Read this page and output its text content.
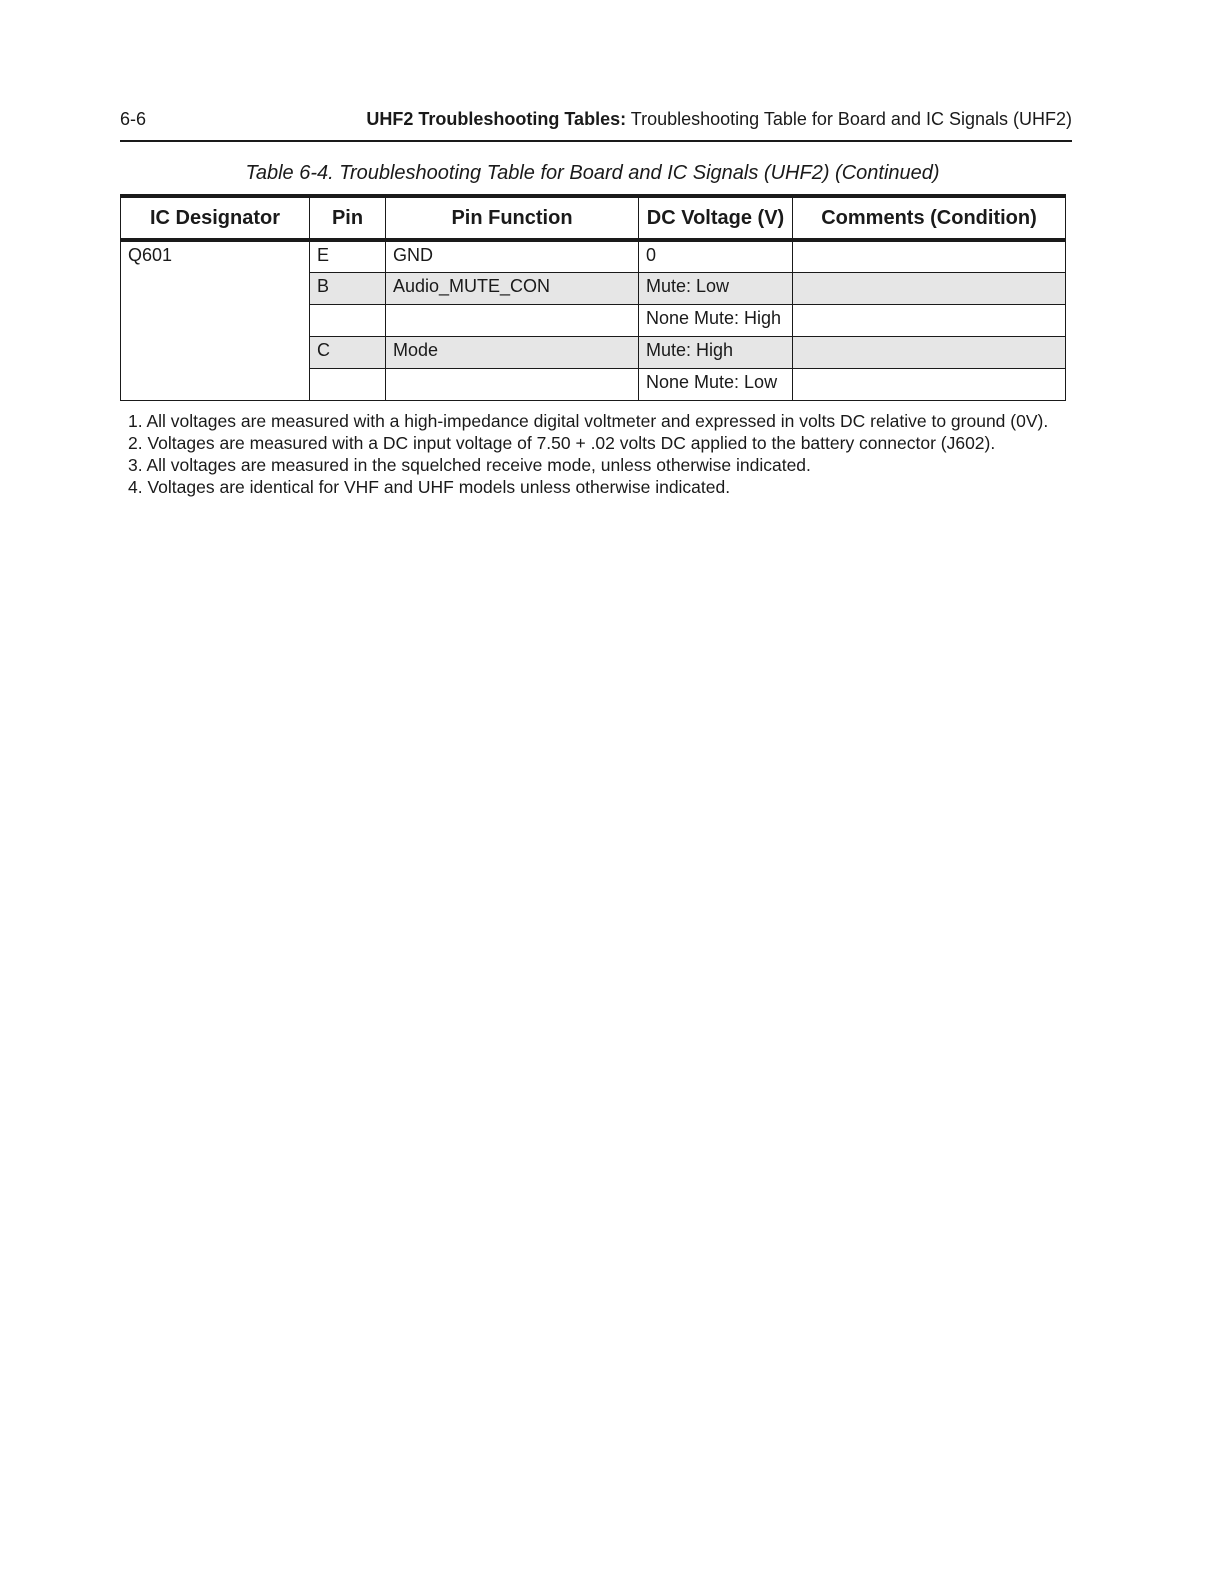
6-6	UHF2 Troubleshooting Tables: Troubleshooting Table for Board and IC Signals (UHF2)
Table 6-4. Troubleshooting Table for Board and IC Signals (UHF2) (Continued)
IC Designator	Pin	Pin Function	DC Voltage (V)	Comments (Condition)
Q601	E	GND	0	
	B	Audio_MUTE_CON	Mute: Low	
			None Mute: High	
	C	Mode	Mute: High	
			None Mute: Low	
1. All voltages are measured with a high-impedance digital voltmeter and expressed in volts DC relative to ground (0V).
2. Voltages are measured with a DC input voltage of 7.50 + .02 volts DC applied to the battery connector (J602).
3. All voltages are measured in the squelched receive mode, unless otherwise indicated.
4. Voltages are identical for VHF and UHF models unless otherwise indicated.
